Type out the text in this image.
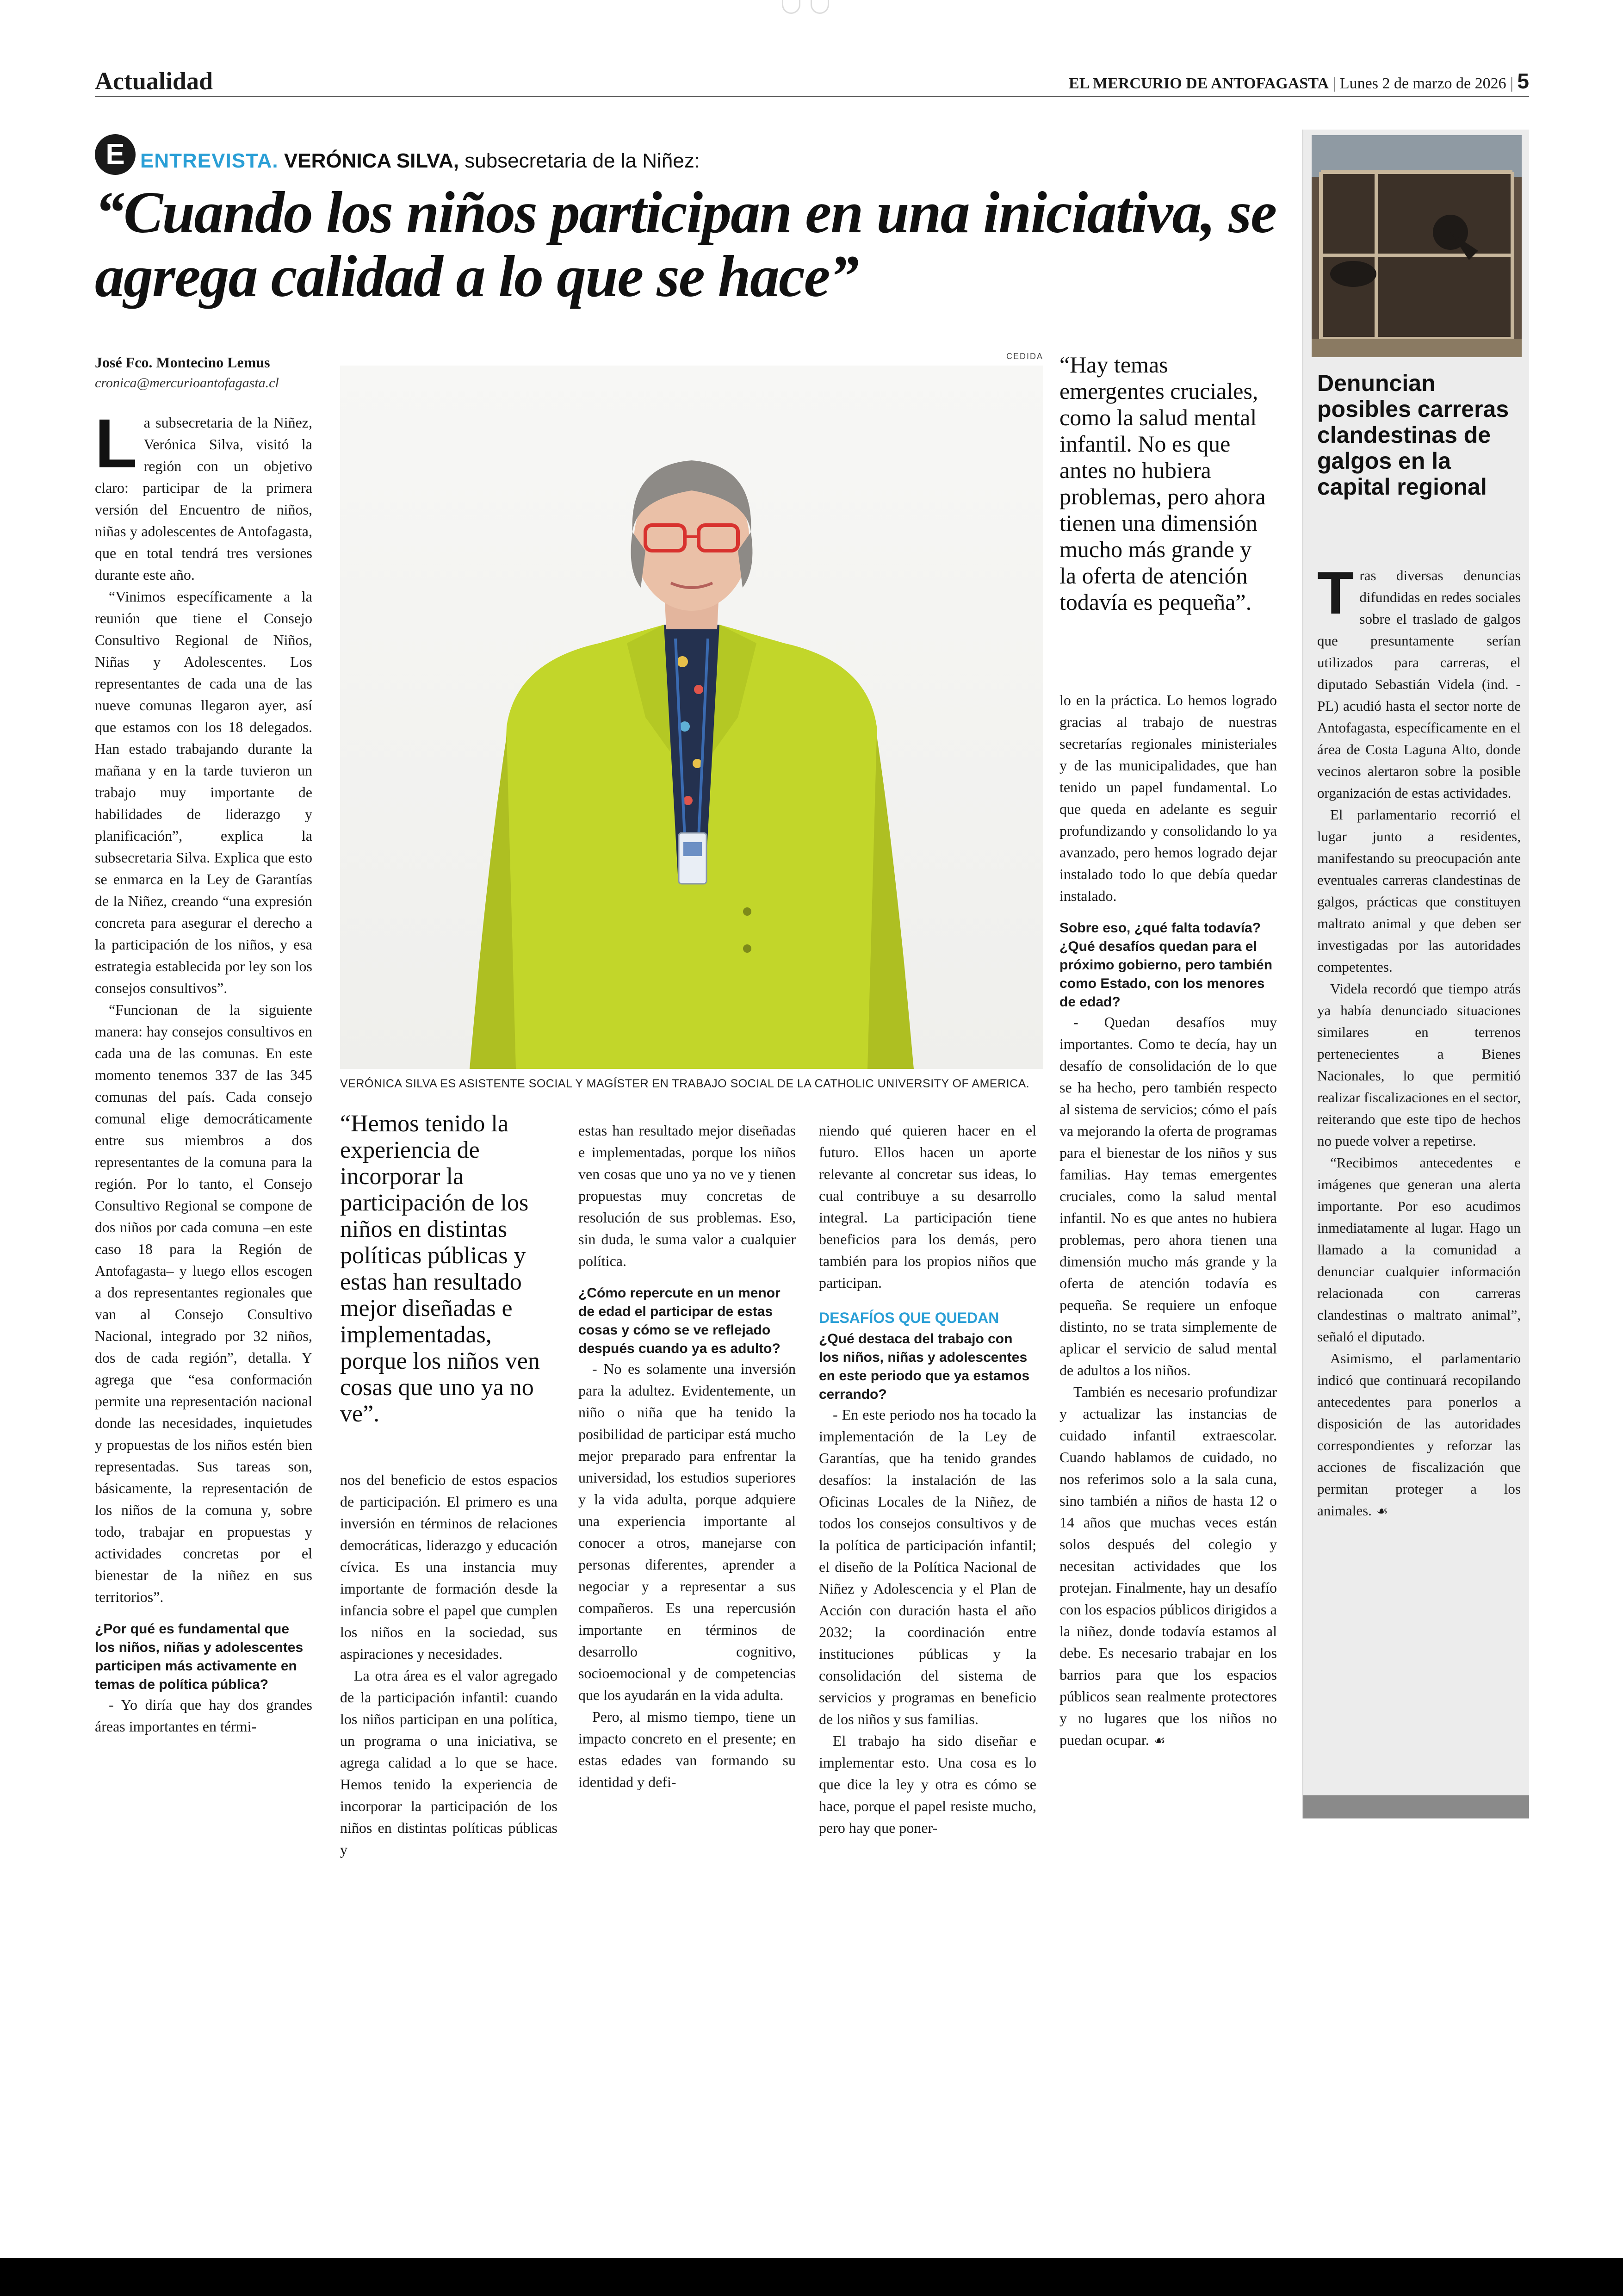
Actualidad	EL MERCURIO DE ANTOFAGASTA | Lunes 2 de marzo de 2026 | 5
E ENTREVISTA. VERÓNICA SILVA, subsecretaria de la Niñez:
“Cuando los niños participan en una iniciativa, se agrega calidad a lo que se hace”
José Fco. Montecino Lemus
cronica@mercurioantofagasta.cl

La subsecretaria de la Niñez, Verónica Silva, visitó la región con un objetivo claro: participar de la primera versión del Encuentro de niños, niñas y adolescentes de Antofagasta, que en total tendrá tres versiones durante este año.

“Vinimos específicamente a la reunión que tiene el Consejo Consultivo Regional de Niños, Niñas y Adolescentes. Los representantes de cada una de las nueve comunas llegaron ayer, así que estamos con los 18 delegados. Han estado trabajando durante la mañana y en la tarde tuvieron un trabajo muy importante de habilidades de liderazgo y planificación”, explica la subsecretaria Silva. Explica que esto se enmarca en la Ley de Garantías de la Niñez, creando “una expresión concreta para asegurar el derecho a la participación de los niños, y esa estrategia establecida por ley son los consejos consultivos”.

“Funcionan de la siguiente manera: hay consejos consultivos en cada una de las comunas. En este momento tenemos 337 de las 345 comunas del país. Cada consejo comunal elige democráticamente entre sus miembros a dos representantes de la comuna para la región. Por lo tanto, el Consejo Consultivo Regional se compone de dos niños por cada comuna –en este caso 18 para la Región de Antofagasta– y luego ellos escogen a dos representantes regionales que van al Consejo Consultivo Nacional, integrado por 32 niños, dos de cada región”, detalla. Y agrega que “esa conformación permite una representación nacional donde las necesidades, inquietudes y propuestas de los niños estén bien representadas. Sus tareas son, básicamente, la representación de los niños de la comuna y, sobre todo, trabajar en propuestas y actividades concretas por el bienestar de la niñez en sus territorios”.

¿Por qué es fundamental que los niños, niñas y adolescentes participen más activamente en temas de política pública?

- Yo diría que hay dos grandes áreas importantes en térmi-

CEDIDA
VERÓNICA SILVA ES ASISTENTE SOCIAL Y MAGÍSTER EN TRABAJO SOCIAL DE LA CATHOLIC UNIVERSITY OF AMERICA.
“Hay temas emergentes cruciales, como la salud mental infantil. No es que antes no hubiera problemas, pero ahora tienen una dimensión mucho más grande y la oferta de atención todavía es pequeña”.
“Hemos tenido la experiencia de incorporar la participación de los niños en distintas políticas públicas y estas han resultado mejor diseñadas e implementadas, porque los niños ven cosas que uno ya no ve”.

nos del beneficio de estos espacios de participación. El primero es una inversión en términos de relaciones democráticas, liderazgo y educación cívica. Es una instancia muy importante de formación desde la infancia sobre el papel que cumplen los niños en la sociedad, sus aspiraciones y necesidades.

La otra área es el valor agregado de la participación infantil: cuando los niños participan en una política, un programa o una iniciativa, se agrega calidad a lo que se hace. Hemos tenido la experiencia de incorporar la participación de los niños en distintas políticas públicas y

estas han resultado mejor diseñadas e implementadas, porque los niños ven cosas que uno ya no ve y tienen propuestas muy concretas de resolución de sus problemas. Eso, sin duda, le suma valor a cualquier política.

¿Cómo repercute en un menor de edad el participar de estas cosas y cómo se ve reflejado después cuando ya es adulto?

- No es solamente una inversión para la adultez. Evidentemente, un niño o niña que ha tenido la posibilidad de participar está mucho mejor preparado para enfrentar la universidad, los estudios superiores y la vida adulta, porque adquiere una experiencia importante al conocer a otros, manejarse con personas diferentes, aprender a negociar y a representar a sus compañeros. Es una repercusión importante en términos de desarrollo cognitivo, socioemocional y de competencias que los ayudarán en la vida adulta.

Pero, al mismo tiempo, tiene un impacto concreto en el presente; en estas edades van formando su identidad y defi-

niendo qué quieren hacer en el futuro. Ellos hacen un aporte relevante al concretar sus ideas, lo cual contribuye a su desarrollo integral. La participación tiene beneficios para los demás, pero también para los propios niños que participan.

DESAFÍOS QUE QUEDAN
¿Qué destaca del trabajo con los niños, niñas y adolescentes en este periodo que ya estamos cerrando?

- En este periodo nos ha tocado la implementación de la Ley de Garantías, que ha tenido grandes desafíos: la instalación de las Oficinas Locales de la Niñez, de todos los consejos consultivos y de la política de participación infantil; el diseño de la Política Nacional de Niñez y Adolescencia y el Plan de Acción con duración hasta el año 2032; la coordinación entre instituciones públicas y la consolidación del sistema de servicios y programas en beneficio de los niños y sus familias.

El trabajo ha sido diseñar e implementar esto. Una cosa es lo que dice la ley y otra es cómo se hace, porque el papel resiste mucho, pero hay que poner-

lo en la práctica. Lo hemos logrado gracias al trabajo de nuestras secretarías regionales ministeriales y de las municipalidades, que han tenido un papel fundamental. Lo que queda en adelante es seguir profundizando y consolidando lo ya avanzado, pero hemos logrado dejar instalado todo lo que debía quedar instalado.

Sobre eso, ¿qué falta todavía? ¿Qué desafíos quedan para el próximo gobierno, pero también como Estado, con los menores de edad?

- Quedan desafíos muy importantes. Como te decía, hay un desafío de consolidación de lo que se ha hecho, pero también respecto al sistema de servicios; cómo el país va mejorando la oferta de programas para el bienestar de los niños y sus familias. Hay temas emergentes cruciales, como la salud mental infantil. No es que antes no hubiera problemas, pero ahora tienen una dimensión mucho más grande y la oferta de atención todavía es pequeña. Se requiere un enfoque distinto, no se trata simplemente de aplicar el servicio de salud mental de adultos a los niños.

También es necesario profundizar y actualizar las instancias de cuidado infantil extraescolar. Cuando hablamos de cuidado, no nos referimos solo a la sala cuna, sino también a niños de hasta 12 o 14 años que muchas veces están solos después del colegio y necesitan actividades que los protejan. Finalmente, hay un desafío con los espacios públicos dirigidos a la niñez, donde todavía estamos al debe. Es necesario trabajar en los barrios para que los espacios públicos sean realmente protectores y no lugares que los niños no puedan ocupar. ☙

Denuncian posibles carreras clandestinas de galgos en la capital regional

Tras diversas denuncias difundidas en redes sociales sobre el traslado de galgos que presuntamente serían utilizados para carreras, el diputado Sebastián Videla (ind. - PL) acudió hasta el sector norte de Antofagasta, específicamente en el área de Costa Laguna Alto, donde vecinos alertaron sobre la posible organización de estas actividades.

El parlamentario recorrió el lugar junto a residentes, manifestando su preocupación ante eventuales carreras clandestinas de galgos, prácticas que constituyen maltrato animal y que deben ser investigadas por las autoridades competentes.

Videla recordó que tiempo atrás ya había denunciado situaciones similares en terrenos pertenecientes a Bienes Nacionales, lo que permitió realizar fiscalizaciones en el sector, reiterando que este tipo de hechos no puede volver a repetirse.

“Recibimos antecedentes e imágenes que generan una alerta importante. Por eso acudimos inmediatamente al lugar. Hago un llamado a la comunidad a denunciar cualquier información relacionada con carreras clandestinas o maltrato animal”, señaló el diputado.

Asimismo, el parlamentario indicó que continuará recopilando antecedentes para ponerlos a disposición de las autoridades correspondientes y reforzar las acciones de fiscalización que permitan proteger a los animales. ☙
